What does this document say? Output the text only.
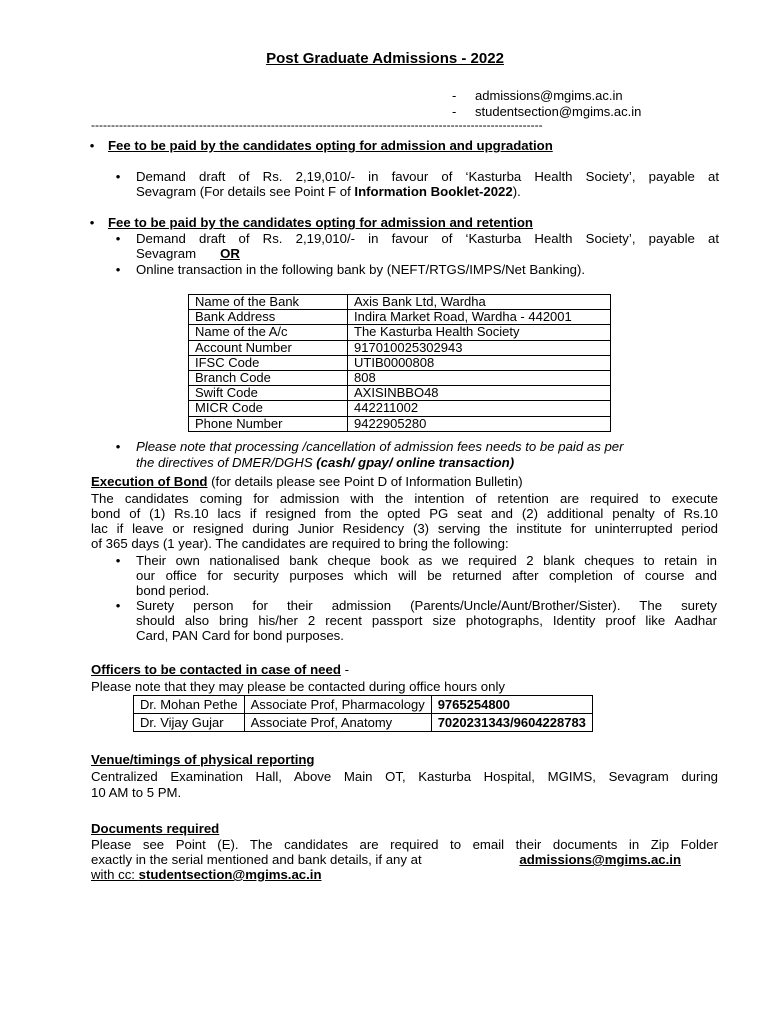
Post Graduate Admissions - 2022
-	admissions@mgims.ac.in
-	studentsection@mgims.ac.in
-----------------------------------------------------------------------------------------------------------------
• Fee to be paid by the candidates opting for admission and upgradation
• Demand draft of Rs. 2,19,010/- in favour of ‘Kasturba Health Society’, payable at
Sevagram (For details see Point F of Information Booklet-2022).
• Fee to be paid by the candidates opting for admission and retention
• Demand draft of Rs. 2,19,010/- in favour of ‘Kasturba Health Society’, payable at
Sevagram OR
• Online transaction in the following bank by (NEFT/RTGS/IMPS/Net Banking).
Name of the Bank	Axis Bank Ltd, Wardha
Bank Address	Indira Market Road, Wardha - 442001
Name of the A/c	The Kasturba Health Society
Account Number	917010025302943
IFSC Code	UTIB0000808
Branch Code	808
Swift Code	AXISINBBO48
MICR Code	442211002
Phone Number	9422905280
• Please note that processing /cancellation of admission fees needs to be paid as per
the directives of DMER/DGHS (cash/ gpay/ online transaction)
Execution of Bond (for details please see Point D of Information Bulletin)
The candidates coming for admission with the intention of retention are required to execute
bond of (1) Rs.10 lacs if resigned from the opted PG seat and (2) additional penalty of Rs.10
lac if leave or resigned during Junior Residency (3) serving the institute for uninterrupted period
of 365 days (1 year). The candidates are required to bring the following:
• Their own nationalised bank cheque book as we required 2 blank cheques to retain in
our office for security purposes which will be returned after completion of course and
bond period.
• Surety person for their admission (Parents/Uncle/Aunt/Brother/Sister). The surety
should also bring his/her 2 recent passport size photographs, Identity proof like Aadhar
Card, PAN Card for bond purposes.
Officers to be contacted in case of need -
Please note that they may please be contacted during office hours only
Dr. Mohan Pethe	Associate Prof, Pharmacology	9765254800
Dr. Vijay Gujar	Associate Prof, Anatomy	7020231343/9604228783
Venue/timings of physical reporting
Centralized Examination Hall, Above Main OT, Kasturba Hospital, MGIMS, Sevagram during
10 AM to 5 PM.
Documents required
Please see Point (E). The candidates are required to email their documents in Zip Folder
exactly in the serial mentioned and bank details, if any at	admissions@mgims.ac.in
with cc: studentsection@mgims.ac.in
